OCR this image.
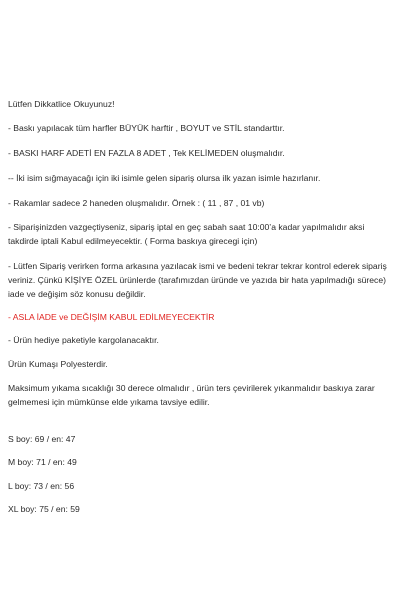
Lütfen Dikkatlice Okuyunuz!
- Baskı yapılacak tüm harfler BÜYÜK harftir , BOYUT ve STİL standarttır.
- BASKI HARF ADETİ EN FAZLA 8 ADET , Tek KELİMEDEN oluşmalıdır.
-- İki isim sığmayacağı için iki isimle gelen sipariş olursa ilk yazan isimle hazırlanır.
- Rakamlar sadece 2 haneden oluşmalıdır. Örnek : ( 11 , 87 , 01 vb)
- Siparişinizden vazgeçtiyseniz, sipariş iptal en geç sabah saat 10:00’a kadar yapılmalıdır aksi takdirde iptali Kabul edilmeyecektir. ( Forma baskıya girecegi için)
- Lütfen Sipariş verirken forma arkasına yazılacak ismi ve bedeni tekrar tekrar kontrol ederek sipariş veriniz. Çünkü KİŞİYE ÖZEL ürünlerde (tarafımızdan üründe ve yazıda bir hata yapılmadığı sürece) iade ve değişim söz konusu değildir.
- ASLA İADE ve DEĞİŞİM KABUL EDİLMEYECEKTİR
- Ürün hediye paketiyle kargolanacaktır.
Ürün Kumaşı Polyesterdir.
Maksimum yıkama sıcaklığı 30 derece olmalıdır , ürün ters çevirilerek yıkanmalıdır baskıya zarar gelmemesi için mümkünse elde yıkama tavsiye edilir.
S boy: 69 / en: 47
M boy: 71 / en: 49
L boy: 73 / en: 56
XL boy: 75 / en: 59
